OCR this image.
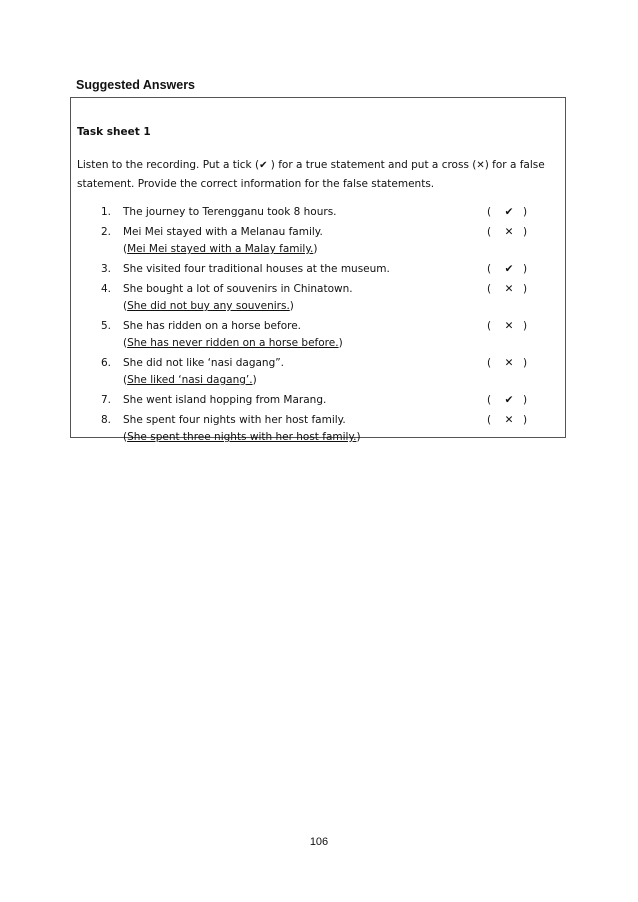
Suggested Answers
Task sheet 1
Listen to the recording. Put a tick (✔ ) for a true statement and put a cross (✕) for a false statement. Provide the correct information for the false statements.
1. The journey to Terengganu took 8 hours.	( ✔ )
2. Mei Mei stayed with a Melanau family.	( ✕ )
(Mei Mei stayed with a Malay family.)
3. She visited four traditional houses at the museum.	( ✔ )
4. She bought a lot of souvenirs in Chinatown.	( ✕ )
(She did not buy any souvenirs.)
5. She has ridden on a horse before.	( ✕ )
(She has never ridden on a horse before.)
6. She did not like ‘nasi dagang”.	( ✕ )
(She liked ‘nasi dagang’.)
7. She went island hopping from Marang.	( ✔ )
8. She spent four nights with her host family.	( ✕ )
(She spent three nights with her host family.)
106
